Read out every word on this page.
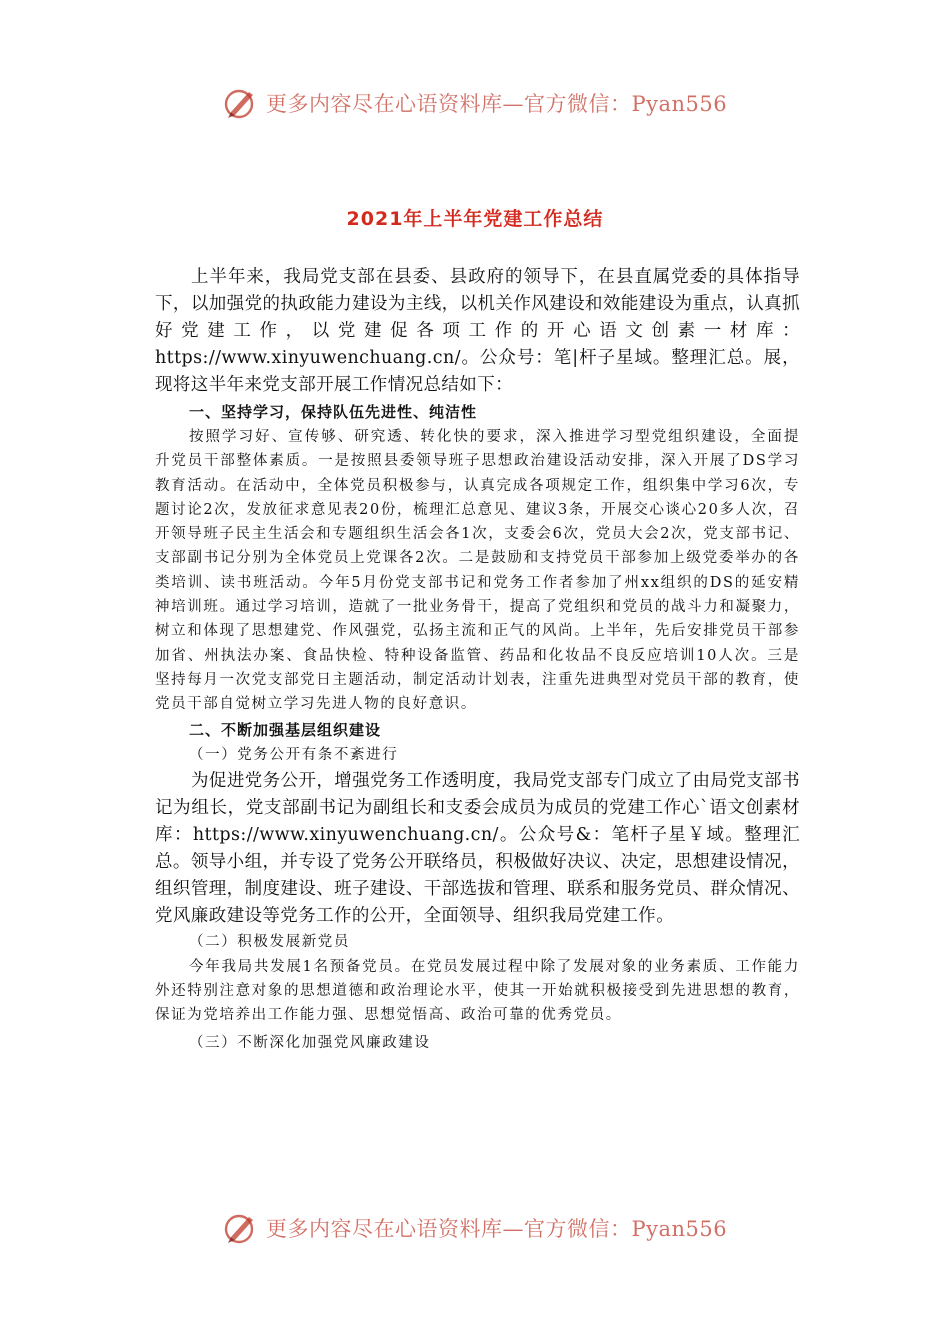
更多内容尽在心语资料库—官方微信：Pyan556
2021年上半年党建工作总结

上半年来，我局党支部在县委、县政府的领导下，在县直属党委的具体指导下，以加强党的执政能力建设为主线，以机关作风建设和效能建设为重点，认真抓好党建工作，以党建促各项工作的开心语文创素一材库：https://www.xinyuwenchuang.cn/。公众号：笔|杆子星域。整理汇总。展，现将这半年来党支部开展工作情况总结如下：

一、坚持学习，保持队伍先进性、纯洁性

按照学习好、宣传够、研究透、转化快的要求，深入推进学习型党组织建设，全面提升党员干部整体素质。一是按照县委领导班子思想政治建设活动安排，深入开展了DS学习教育活动。在活动中，全体党员积极参与，认真完成各项规定工作，组织集中学习6次，专题讨论2次，发放征求意见表20份，梳理汇总意见、建议3条，开展交心谈心20多人次，召开领导班子民主生活会和专题组织生活会各1次，支委会6次，党员大会2次，党支部书记、支部副书记分别为全体党员上党课各2次。二是鼓励和支持党员干部参加上级党委举办的各类培训、读书班活动。今年5月份党支部书记和党务工作者参加了州xx组织的DS的延安精神培训班。通过学习培训，造就了一批业务骨干，提高了党组织和党员的战斗力和凝聚力，树立和体现了思想建党、作风强党，弘扬主流和正气的风尚。上半年，先后安排党员干部参加省、州执法办案、食品快检、特种设备监管、药品和化妆品不良反应培训10人次。三是坚持每月一次党支部党日主题活动，制定活动计划表，注重先进典型对党员干部的教育，使党员干部自觉树立学习先进人物的良好意识。

二、不断加强基层组织建设

（一）党务公开有条不紊进行

为促进党务公开，增强党务工作透明度，我局党支部专门成立了由局党支部书记为组长，党支部副书记为副组长和支委会成员为成员的党建工作心`语文创素材库：https://www.xinyuwenchuang.cn/。公众号&：笔杆子星￥域。整理汇总。领导小组，并专设了党务公开联络员，积极做好决议、决定，思想建设情况，组织管理，制度建设、班子建设、干部选拔和管理、联系和服务党员、群众情况、党风廉政建设等党务工作的公开，全面领导、组织我局党建工作。

（二）积极发展新党员

今年我局共发展1名预备党员。在党员发展过程中除了发展对象的业务素质、工作能力外还特别注意对象的思想道德和政治理论水平，使其一开始就积极接受到先进思想的教育，保证为党培养出工作能力强、思想觉悟高、政治可靠的优秀党员。

（三）不断深化加强党风廉政建设

更多内容尽在心语资料库—官方微信：Pyan556
